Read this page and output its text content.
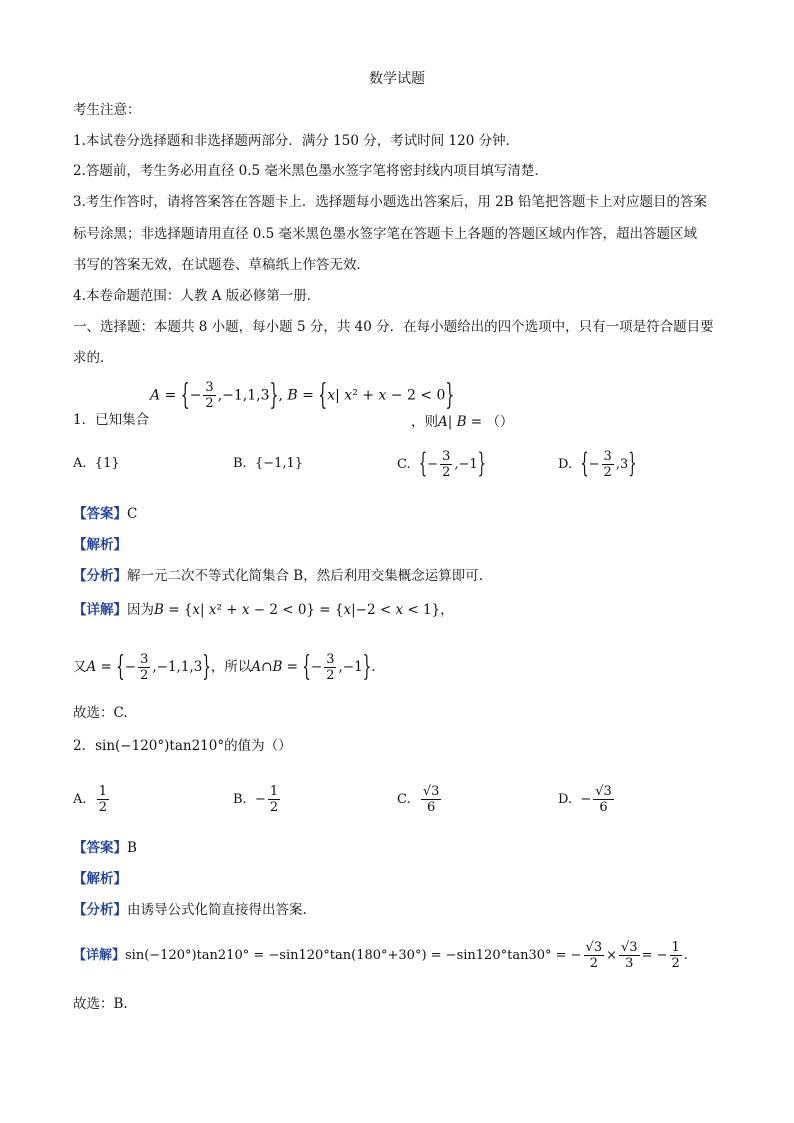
数学试题
考生注意：
1.本试卷分选择题和非选择题两部分．满分 150 分，考试时间 120 分钟．
2.答题前，考生务必用直径 0.5 毫米黑色墨水签字笔将密封线内项目填写清楚．
3.考生作答时，请将答案答在答题卡上．选择题每小题选出答案后，用 2B 铅笔把答题卡上对应题目的答案
标号涂黑；非选择题请用直径 0.5 毫米黑色墨水签字笔在答题卡上各题的答题区域内作答，超出答题区域
书写的答案无效，在试题卷、草稿纸上作答无效．
4.本卷命题范围：人教 A 版必修第一册．
一、选择题：本题共 8 小题，每小题 5 分，共 40 分．在每小题给出的四个选项中，只有一项是符合题目要
求的．
1．已知集合
A = {− $\frac{3}{2} ,-1,1,3$}, B = {x| x² + x − 2 < 0}
，则A| B = （）
A.  {1}	B.  {−1,1}	C. {− $\frac{3}{2} ,-1$}	D. {− $\frac{3}{2} ,3$}
【答案】C
【解析】
【分析】解一元二次不等式化简集合 B，然后利用交集概念运算即可.
【详解】因为B = {x| x² + x − 2 < 0} = {x|−2 < x < 1}，
又A = {− $\frac{3}{2} ,-1,1,3$}，所以A∩B = {− $\frac{3}{2} ,-1$}.
故选：C.
2．sin(−120°)tan210°的值为（）
A. $\frac{1}{2}$	B.  − $\frac{1}{2}$	C. $\frac{√3}{6}$	D.  − $\frac{√3}{6}$
【答案】B
【解析】
【分析】由诱导公式化简直接得出答案.
【详解】sin(−120°)tan210° = −sin120°tan(180°+30°) = −sin120°tan30° = − $\frac{√3}{2} \times \frac{√3}{3}$ = − $\frac{1}{2}$ .
故选：B.
